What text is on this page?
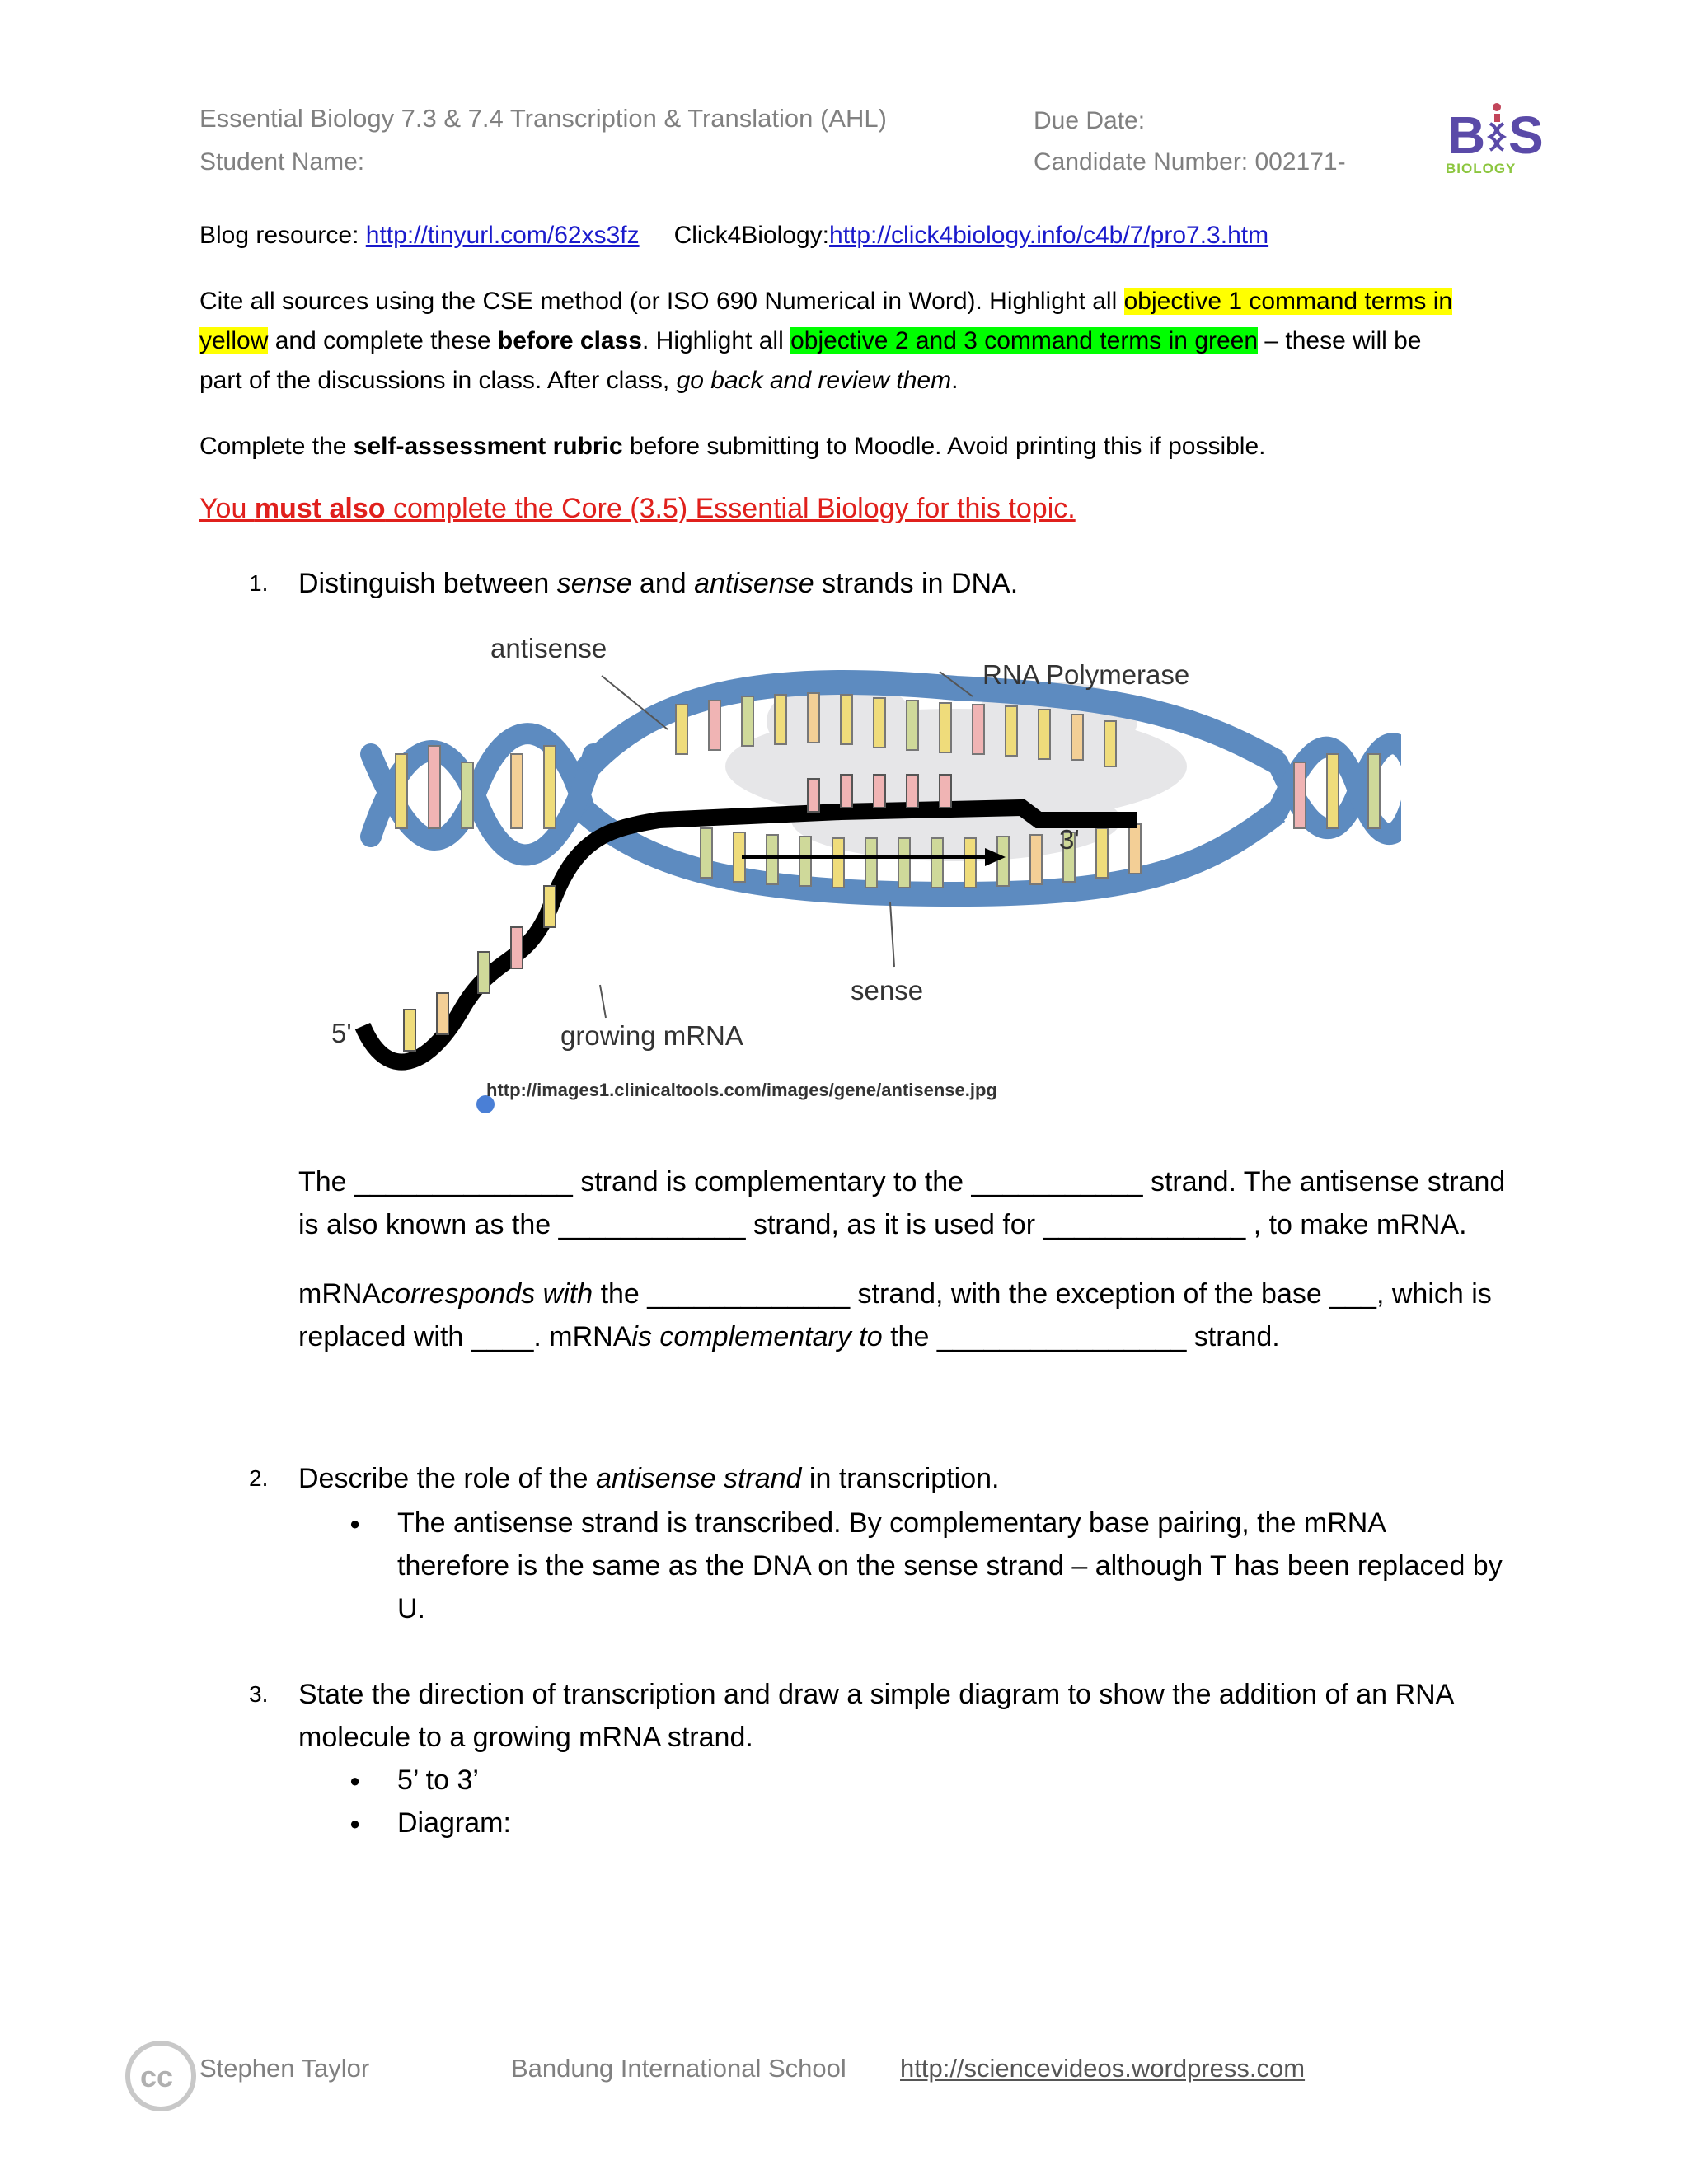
Essential Biology 7.3 & 7.4 Transcription & Translation (AHL)
Student Name:
Due Date:
Candidate Number: 002171- B S
BIOLOGY
Blog resource: http://tinyurl.com/62xs3fz Click4Biology:http://click4biology.info/c4b/7/pro7.3.htm
Cite all sources using the CSE method (or ISO 690 Numerical in Word). Highlight all objective 1 command terms in
yellow and complete these before class. Highlight all objective 2 and 3 command terms in green – these will be
part of the discussions in class. After class, go back and review them.
Complete the self-assessment rubric before submitting to Moodle. Avoid printing this if possible.
You must also complete the Core (3.5) Essential Biology for this topic.
1. Distinguish between sense and antisense strands in DNA.
antisense
RNA Polymerase
3'
sense
5'	growing mRNA
http://images1.clinicaltools.com/images/gene/antisense.jpg
The ______________ strand is complementary to the ___________ strand. The antisense strand
is also known as the ____________ strand, as it is used for _____________ , to make mRNA.
mRNAcorresponds with the _____________ strand, with the exception of the base ___, which is
replaced with ____. mRNAis complementary to the ________________ strand.
2. Describe the role of the antisense strand in transcription.
● The antisense strand is transcribed. By complementary base pairing, the mRNA
therefore is the same as the DNA on the sense strand – although T has been replaced by
U.
3. State the direction of transcription and draw a simple diagram to show the addition of an RNA
molecule to a growing mRNA strand.
● 5’ to 3’
● Diagram:
cc Stephen Taylor	Bandung International School http://sciencevideos.wordpress.com
